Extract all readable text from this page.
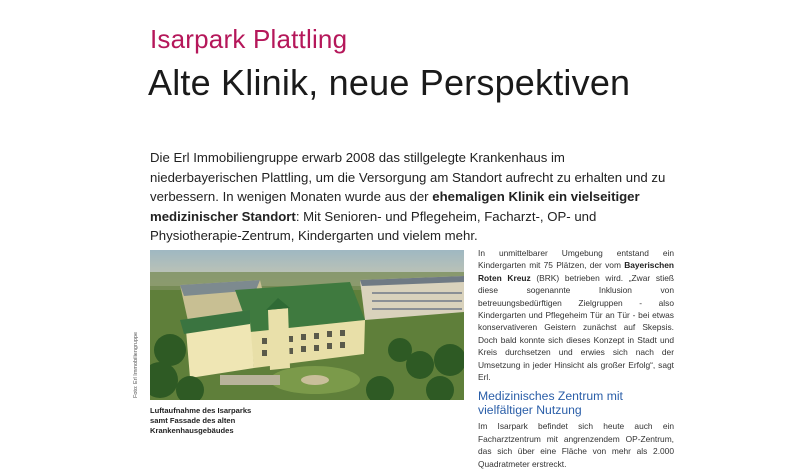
Isarpark Plattling
Alte Klinik, neue Perspektiven

Die Erl Immobiliengruppe erwarb 2008 das stillgelegte Krankenhaus im niederbayerischen Plattling, um die Versorgung am Standort aufrecht zu erhalten und zu verbessern. In wenigen Monaten wurde aus der ehemaligen Klinik ein vielseitiger medizinischer Standort: Mit Senioren- und Pflegeheim, Facharzt-, OP- und Physiotherapie-Zentrum, Kindergarten und vielem mehr.

Foto: Erl Immobiliengruppe

Luftaufnahme des Isarparks samt Fassade des alten Krankenhausgebäudes

In unmittelbarer Umgebung entstand ein Kindergarten mit 75 Plätzen, der vom Bayerischen Roten Kreuz (BRK) betrieben wird. „Zwar stieß diese sogenannte Inklusion von betreuungsbedürftigen Zielgruppen - also Kindergarten und Pflegeheim Tür an Tür - bei etwas konservativeren Geistern zunächst auf Skepsis. Doch bald konnte sich dieses Konzept in Stadt und Kreis durchsetzen und erwies sich nach der Umsetzung in jeder Hinsicht als großer Erfolg“, sagt Erl.

Medizinisches Zentrum mit vielfältiger Nutzung

Im Isarpark befindet sich heute auch ein Facharztzentrum mit angrenzendem OP-Zentrum, das sich über eine Fläche von mehr als 2.000 Quadratmeter erstreckt.
